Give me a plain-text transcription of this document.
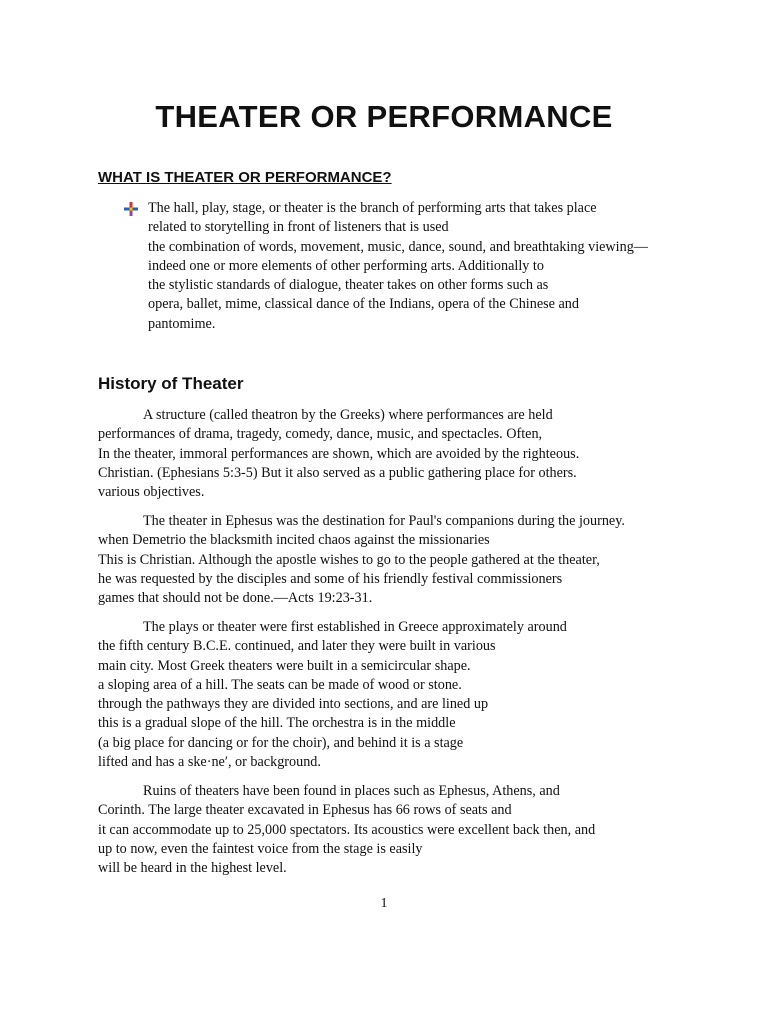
THEATER OR PERFORMANCE
WHAT IS THEATER OR PERFORMANCE?
The hall, play, stage, or theater is the branch of performing arts that takes place
related to storytelling in front of listeners that is used
the combination of words, movement, music, dance, sound, and breathtaking viewing—
indeed one or more elements of other performing arts. Additionally to
the stylistic standards of dialogue, theater takes on other forms such as
opera, ballet, mime, classical dance of the Indians, opera of the Chinese and
pantomime.
History of Theater
A structure (called theatron by the Greeks) where performances are held
performances of drama, tragedy, comedy, dance, music, and spectacles. Often,
In the theater, immoral performances are shown, which are avoided by the righteous.
Christian. (Ephesians 5:3-5) But it also served as a public gathering place for others.
various objectives.
The theater in Ephesus was the destination for Paul's companions during the journey.
when Demetrio the blacksmith incited chaos against the missionaries
This is Christian. Although the apostle wishes to go to the people gathered at the theater,
he was requested by the disciples and some of his friendly festival commissioners
games that should not be done.—Acts 19:23-31.
The plays or theater were first established in Greece approximately around
the fifth century B.C.E. continued, and later they were built in various
main city. Most Greek theaters were built in a semicircular shape.
a sloping area of a hill. The seats can be made of wood or stone.
through the pathways they are divided into sections, and are lined up
this is a gradual slope of the hill. The orchestra is in the middle
(a big place for dancing or for the choir), and behind it is a stage
lifted and has a ske·ne′, or background.
Ruins of theaters have been found in places such as Ephesus, Athens, and
Corinth. The large theater excavated in Ephesus has 66 rows of seats and
it can accommodate up to 25,000 spectators. Its acoustics were excellent back then, and
up to now, even the faintest voice from the stage is easily
will be heard in the highest level.
1
